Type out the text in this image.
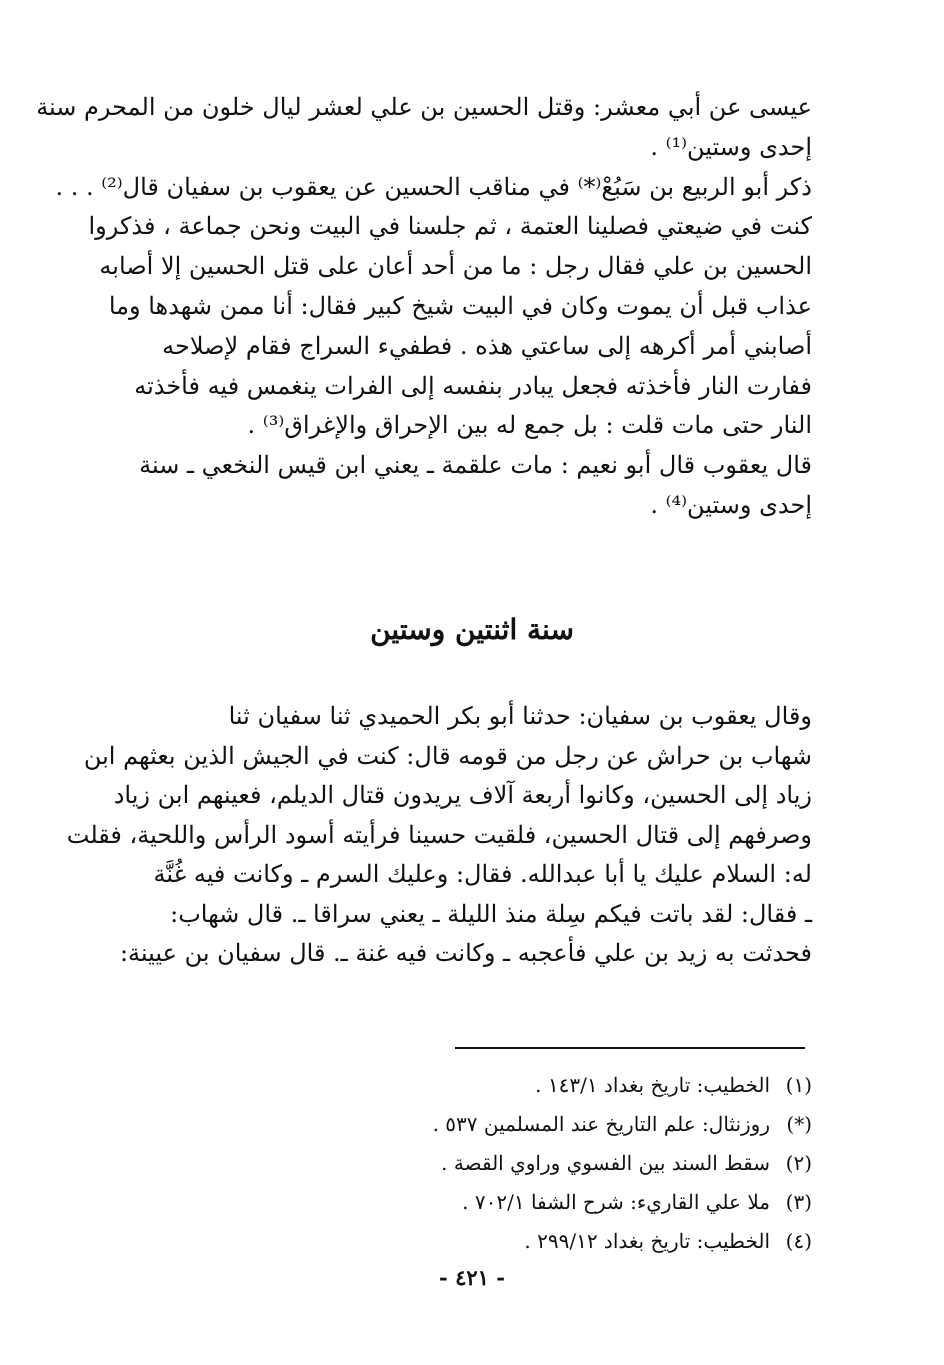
عيسى عن أبي معشر: وقتل الحسين بن علي لعشر ليال خلون من المحرم سنة
إحدى وستين⁽¹⁾ .
ذكر أبو الربيع بن سَبُعْ⁽*⁾ في مناقب الحسين عن يعقوب بن سفيان قال⁽²⁾ . . .
كنت في ضيعتي فصلينا العتمة ، ثم جلسنا في البيت ونحن جماعة ، فذكروا
الحسين بن علي فقال رجل : ما من أحد أعان على قتل الحسين إلا أصابه
عذاب قبل أن يموت وكان في البيت شيخ كبير فقال: أنا ممن شهدها وما
أصابني أمر أكرهه إلى ساعتي هذه . فطفيء السراج فقام لإصلاحه
ففارت النار فأخذته فجعل يبادر بنفسه إلى الفرات ينغمس فيه فأخذته
النار حتى مات قلت : بل جمع له بين الإحراق والإغراق⁽³⁾ .
قال يعقوب قال أبو نعيم : مات علقمة ـ يعني ابن قيس النخعي ـ سنة
إحدى وستين⁽⁴⁾ .
سنة اثنتين وستين
وقال يعقوب بن سفيان: حدثنا أبو بكر الحميدي ثنا سفيان ثنا
شهاب بن حراش عن رجل من قومه قال: كنت في الجيش الذين بعثهم ابن
زياد إلى الحسين، وكانوا أربعة آلاف يريدون قتال الديلم، فعينهم ابن زياد
وصرفهم إلى قتال الحسين، فلقيت حسينا فرأيته أسود الرأس واللحية، فقلت
له: السلام عليك يا أبا عبدالله. فقال: وعليك السرم ـ وكانت فيه غُنَّة
ـ فقال: لقد باتت فيكم سِلة منذ الليلة ـ يعني سراقا ـ. قال شهاب:
فحدثت به زيد بن علي فأعجبه ـ وكانت فيه غنة ـ. قال سفيان بن عيينة:
(١)الخطيب: تاريخ بغداد ١٤٣/١ .
(*)روزنثال: علم التاريخ عند المسلمين ٥٣٧ .
(٢)سقط السند بين الفسوي وراوي القصة .
(٣)ملا علي القاريء: شرح الشفا ٧٠٢/١ .
(٤)الخطيب: تاريخ بغداد ٢٩٩/١٢ .
- ٤٢١ -
